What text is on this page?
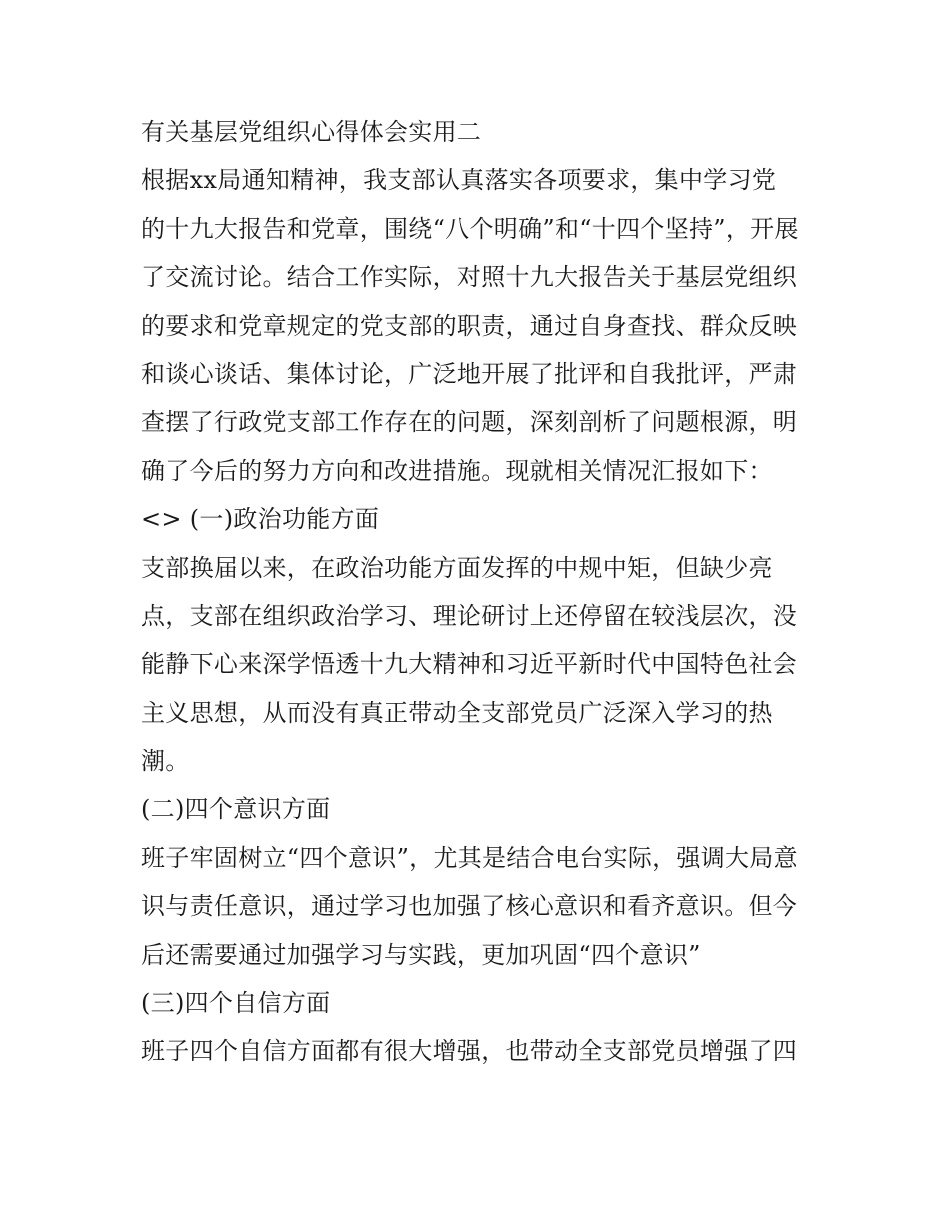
有关基层党组织心得体会实用二
根据xx局通知精神，我支部认真落实各项要求，集中学习党
的十九大报告和党章，围绕“八个明确”和“十四个坚持”，开展
了交流讨论。结合工作实际，对照十九大报告关于基层党组织
的要求和党章规定的党支部的职责，通过自身查找、群众反映
和谈心谈话、集体讨论，广泛地开展了批评和自我批评，严肃
查摆了行政党支部工作存在的问题，深刻剖析了问题根源，明
确了今后的努力方向和改进措施。现就相关情况汇报如下：
<> (一)政治功能方面
支部换届以来，在政治功能方面发挥的中规中矩，但缺少亮
点，支部在组织政治学习、理论研讨上还停留在较浅层次，没
能静下心来深学悟透十九大精神和习近平新时代中国特色社会
主义思想，从而没有真正带动全支部党员广泛深入学习的热
潮。
(二)四个意识方面
班子牢固树立“四个意识”，尤其是结合电台实际，强调大局意
识与责任意识，通过学习也加强了核心意识和看齐意识。但今
后还需要通过加强学习与实践，更加巩固“四个意识”
(三)四个自信方面
班子四个自信方面都有很大增强，也带动全支部党员增强了四
